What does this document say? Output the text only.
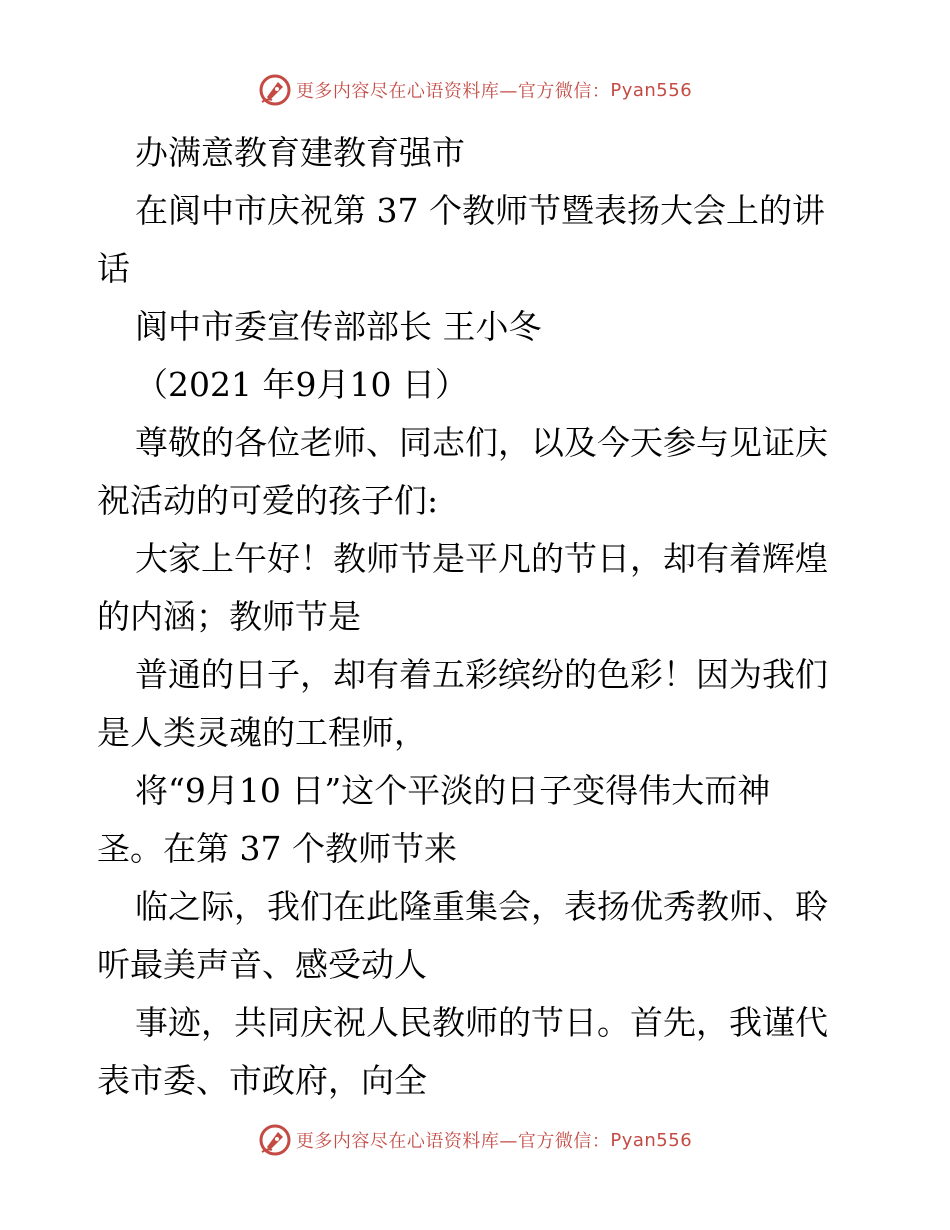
更多内容尽在心语资料库—官方微信： Pyan556
办满意教育建教育强市
在阆中市庆祝第 37 个教师节暨表扬大会上的讲
话
阆中市委宣传部部长 王小冬
（2021 年9月10 日）
尊敬的各位老师、同志们，以及今天参与见证庆
祝活动的可爱的孩子们:
大家上午好！教师节是平凡的节日，却有着辉煌
的内涵；教师节是
普通的日子，却有着五彩缤纷的色彩！因为我们
是人类灵魂的工程师，
将“9月10 日”这个平淡的日子变得伟大而神
圣。在第 37 个教师节来
临之际，我们在此隆重集会，表扬优秀教师、聆
听最美声音、感受动人
事迹，共同庆祝人民教师的节日。首先，我谨代
表市委、市政府，向全
更多内容尽在心语资料库—官方微信： Pyan556
